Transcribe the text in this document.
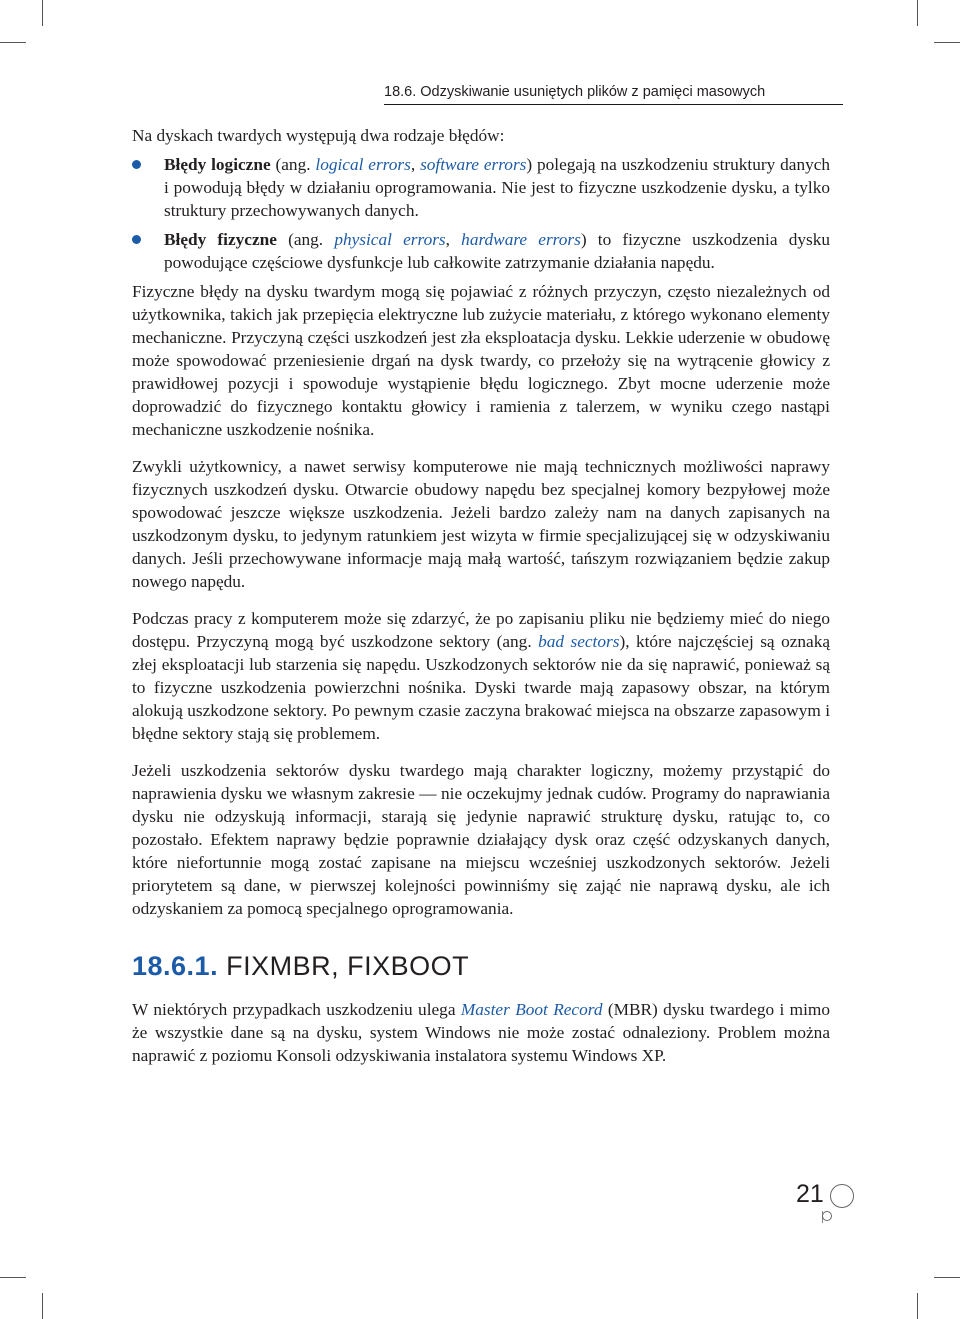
18.6. Odzyskiwanie usuniętych plików z pamięci masowych

Na dyskach twardych występują dwa rodzaje błędów:

Błędy logiczne (ang. logical errors, software errors) polegają na uszkodzeniu struktury danych i powodują błędy w działaniu oprogramowania. Nie jest to fizyczne uszkodzenie dysku, a tylko struktury przechowywanych danych.
Błędy fizyczne (ang. physical errors, hardware errors) to fizyczne uszkodzenia dysku powodujące częściowe dysfunkcje lub całkowite zatrzymanie działania napędu.

Fizyczne błędy na dysku twardym mogą się pojawiać z różnych przyczyn, często niezależnych od użytkownika, takich jak przepięcia elektryczne lub zużycie materiału, z którego wykonano elementy mechaniczne. Przyczyną części uszkodzeń jest zła eksploatacja dysku. Lekkie uderzenie w obudowę może spowodować przeniesienie drgań na dysk twardy, co przełoży się na wytrącenie głowicy z prawidłowej pozycji i spowoduje wystąpienie błędu logicznego. Zbyt mocne uderzenie może doprowadzić do fizycznego kontaktu głowicy i ramienia z talerzem, w wyniku czego nastąpi mechaniczne uszkodzenie nośnika.

Zwykli użytkownicy, a nawet serwisy komputerowe nie mają technicznych możliwości naprawy fizycznych uszkodzeń dysku. Otwarcie obudowy napędu bez specjalnej komory bezpyłowej może spowodować jeszcze większe uszkodzenia. Jeżeli bardzo zależy nam na danych zapisanych na uszkodzonym dysku, to jedynym ratunkiem jest wizyta w firmie specjalizującej się w odzyskiwaniu danych. Jeśli przechowywane informacje mają małą wartość, tańszym rozwiązaniem będzie zakup nowego napędu.

Podczas pracy z komputerem może się zdarzyć, że po zapisaniu pliku nie będziemy mieć do niego dostępu. Przyczyną mogą być uszkodzone sektory (ang. bad sectors), które najczęściej są oznaką złej eksploatacji lub starzenia się napędu. Uszkodzonych sektorów nie da się naprawić, ponieważ są to fizyczne uszkodzenia powierzchni nośnika. Dyski twarde mają zapasowy obszar, na którym alokują uszkodzone sektory. Po pewnym czasie zaczyna brakować miejsca na obszarze zapasowym i błędne sektory stają się problemem.

Jeżeli uszkodzenia sektorów dysku twardego mają charakter logiczny, możemy przystąpić do naprawienia dysku we własnym zakresie — nie oczekujmy jednak cudów. Programy do naprawiania dysku nie odzyskują informacji, starają się jedynie naprawić strukturę dysku, ratując to, co pozostało. Efektem naprawy będzie poprawnie działający dysk oraz część odzyskanych danych, które niefortunnie mogą zostać zapisane na miejscu wcześniej uszkodzonych sektorów. Jeżeli priorytetem są dane, w pierwszej kolejności powinniśmy się zająć nie naprawą dysku, ale ich odzyskaniem za pomocą specjalnego oprogramowania.

18.6.1. FIXMBR, FIXBOOT

W niektórych przypadkach uszkodzeniu ulega Master Boot Record (MBR) dysku twardego i mimo że wszystkie dane są na dysku, system Windows nie może zostać odnaleziony. Problem można naprawić z poziomu Konsoli odzyskiwania instalatora systemu Windows XP.

21
